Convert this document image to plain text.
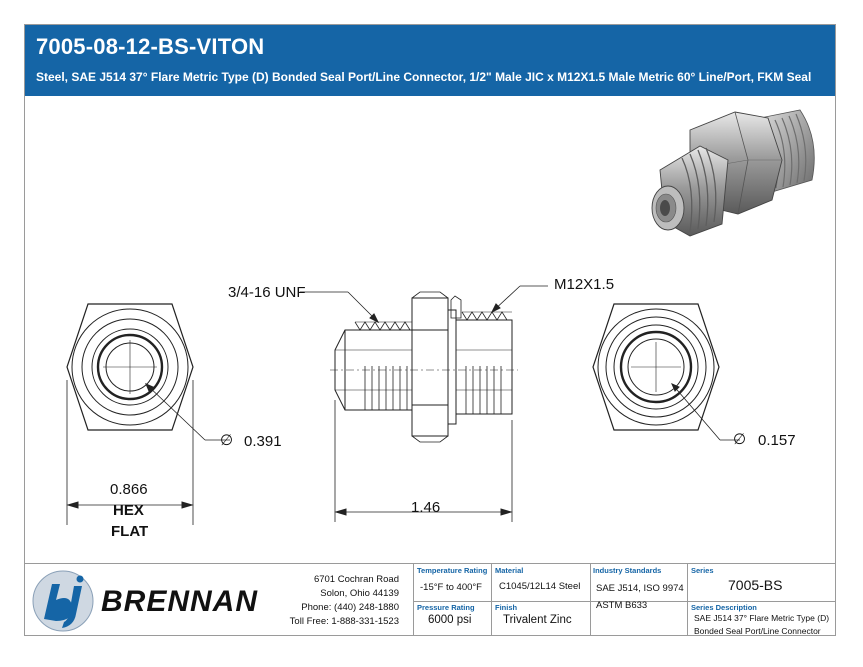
7005-08-12-BS-VITON
Steel, SAE J514 37° Flare Metric Type (D) Bonded Seal Port/Line Connector, 1/2" Male JIC x M12X1.5 Male Metric 60° Line/Port, FKM Seal
3/4-16 UNF	M12X1.5
∅ 0.391	∅ 0.157
0.866
HEX
FLAT
1.46
BRENNAN
6701 Cochran Road
Solon, Ohio 44139
Phone: (440) 248-1880
Toll Free: 1-888-331-1523
Temperature Rating
-15°F to 400°F
Material
C1045/12L14 Steel
Industry Standards
SAE J514, ISO 9974
ASTM B633
Series
7005-BS
Pressure Rating
6000 psi
Finish
Trivalent Zinc
Series Description
SAE J514 37° Flare Metric Type (D)
Bonded Seal Port/Line Connector
